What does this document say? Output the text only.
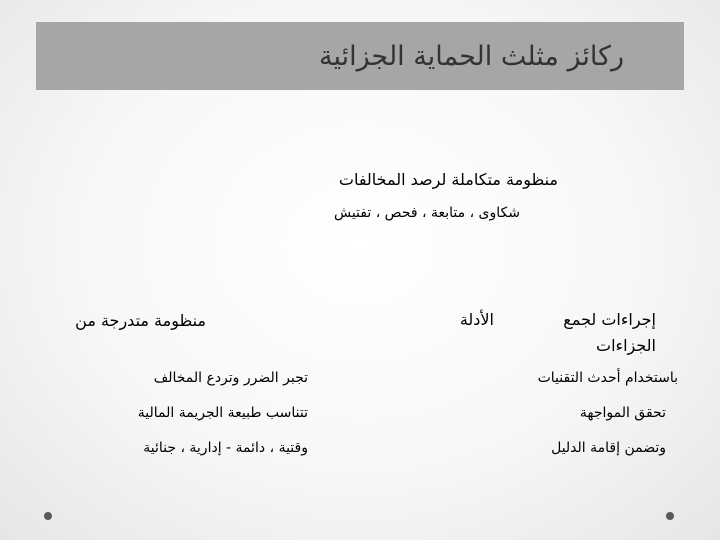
ركائز مثلث الحماية الجزائية
منظومة متكاملة لرصد المخالفات
شكاوى ، متابعة ، فحص ، تفتيش
إجراءات لجمع
الجزاءات
الأدلة
منظومة متدرجة من
باستخدام أحدث التقنيات
تحقق المواجهة
وتضمن إقامة الدليل
تجبر الضرر وتردع المخالف
تتناسب طبيعة الجريمة المالية
وقتية ، دائمة - إدارية ، جنائية
